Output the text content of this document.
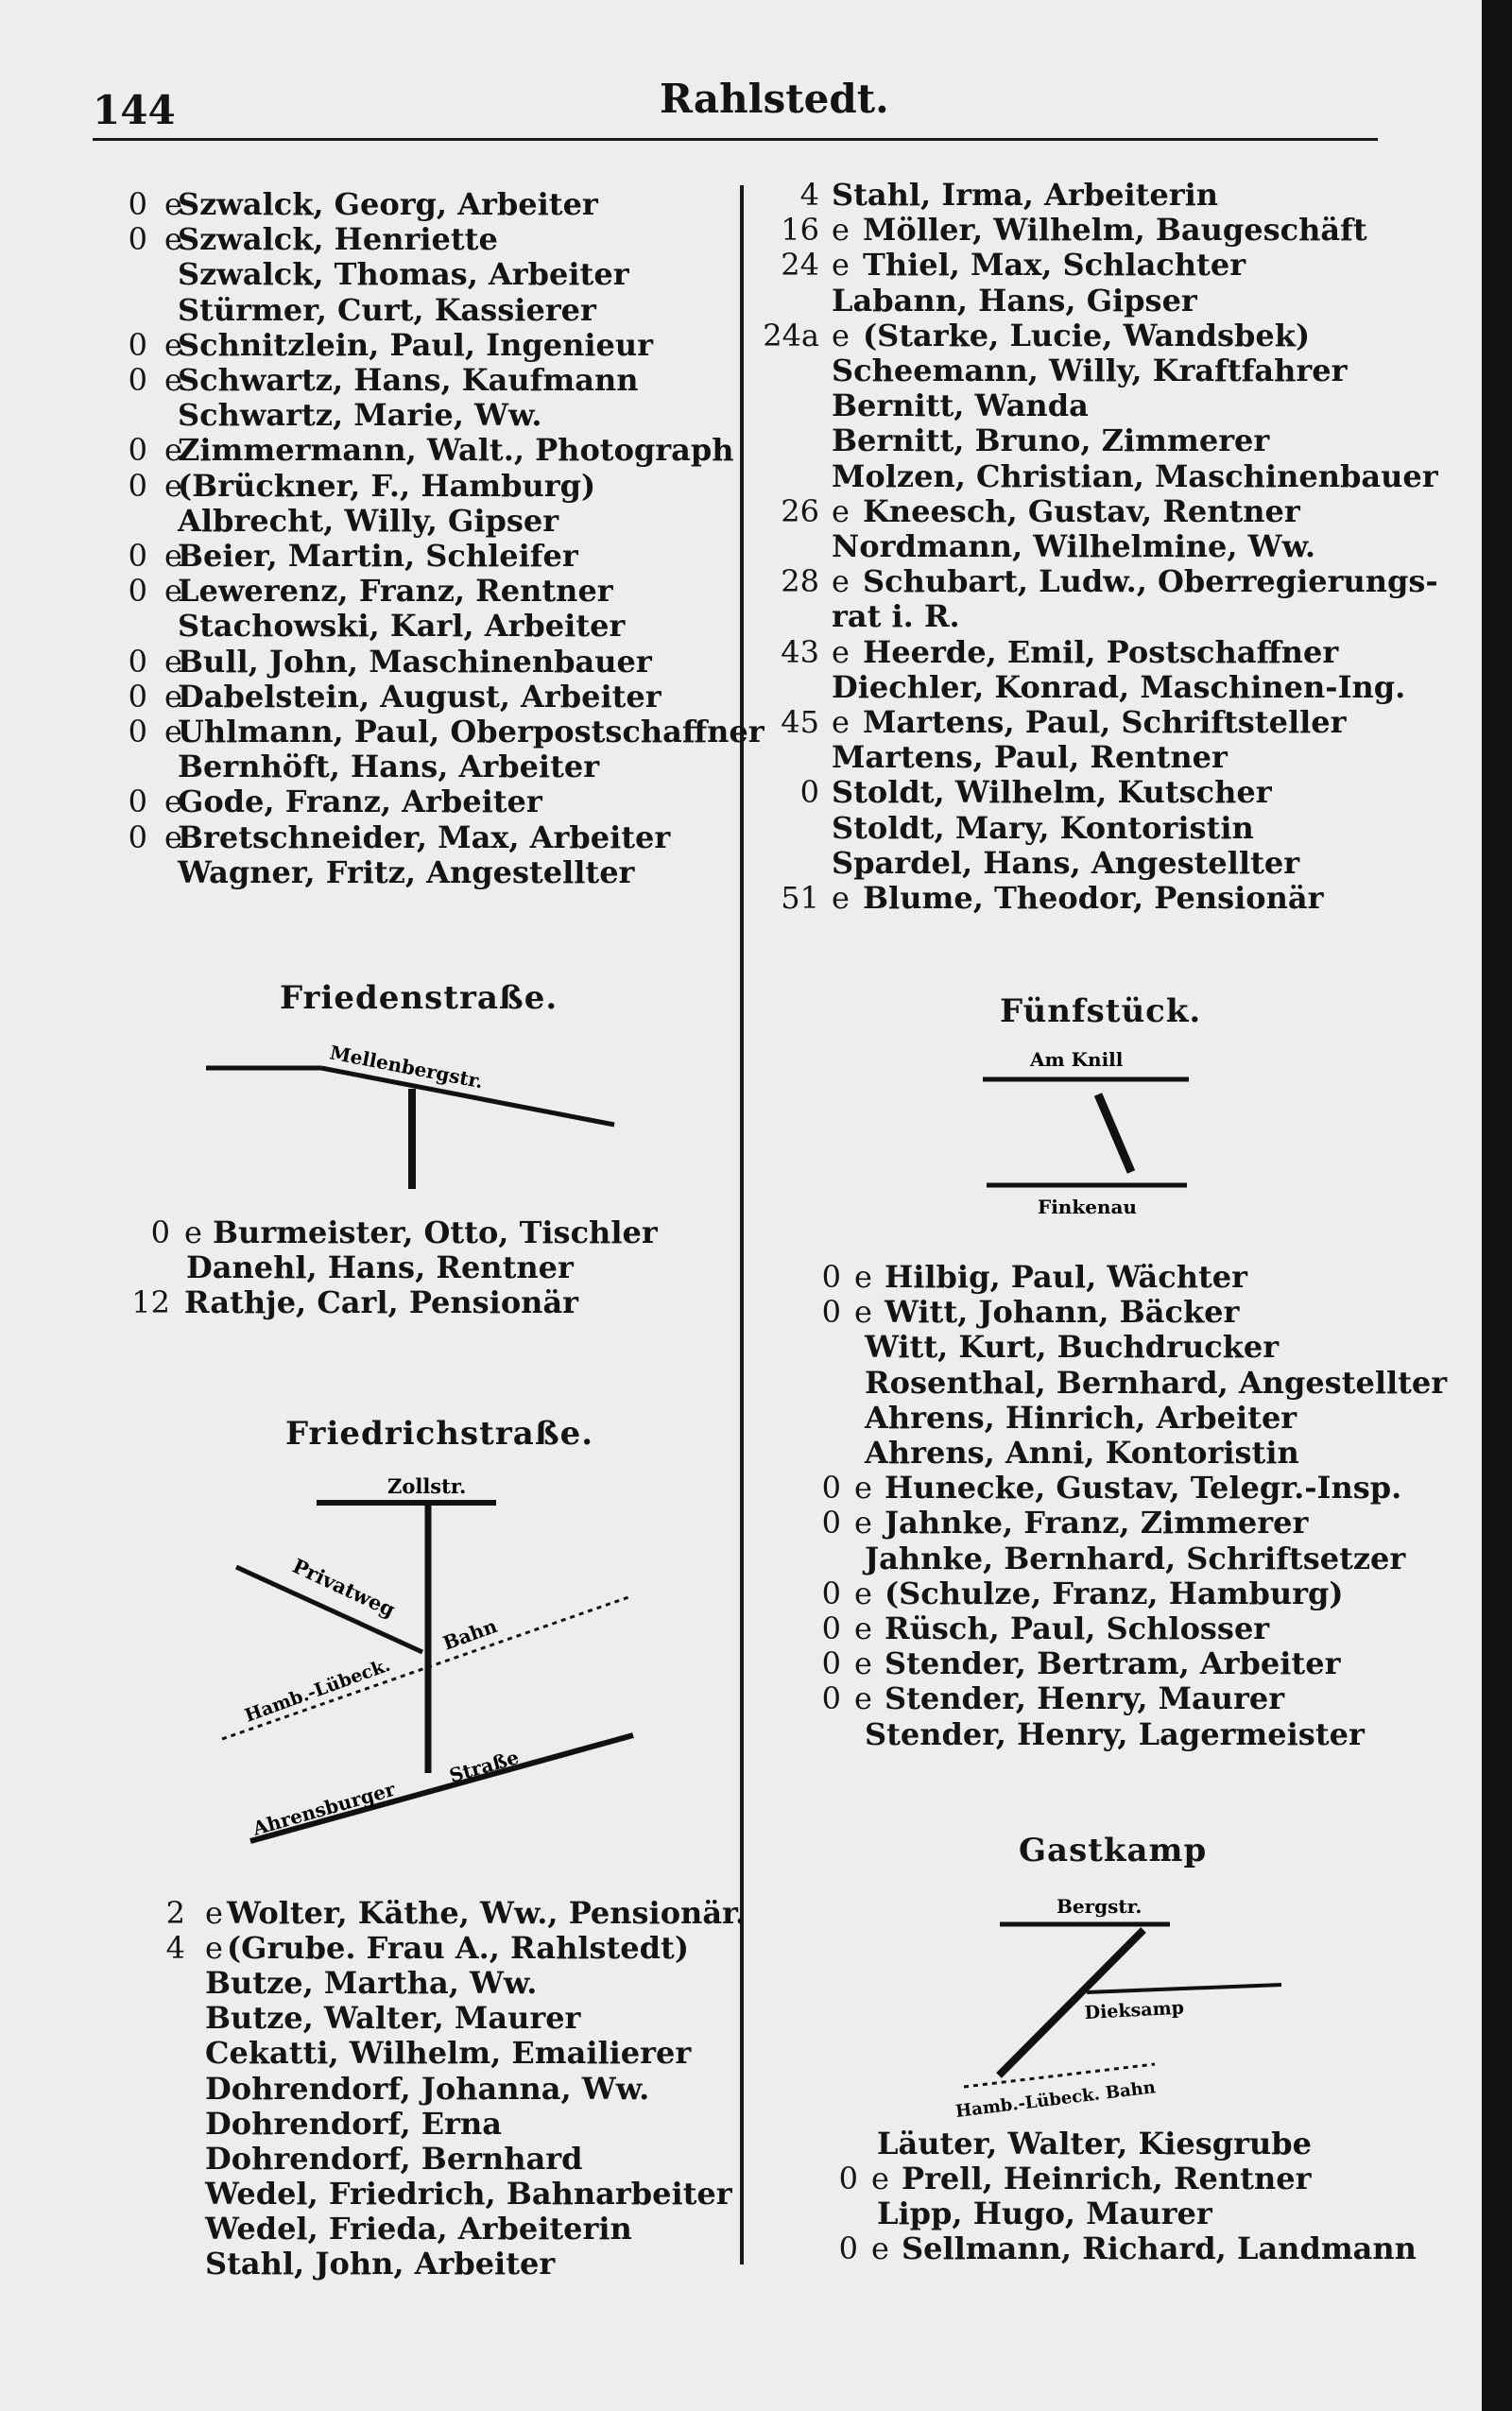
144	Rahlstedt.
0 e
Szwalck, Georg, Arbeiter
0 e
Szwalck, Henriette
Szwalck, Thomas, Arbeiter
Stürmer, Curt, Kassierer
0 e
Schnitzlein, Paul, Ingenieur
0 e
Schwartz, Hans, Kaufmann
Schwartz, Marie, Ww.
0 e
Zimmermann, Walt., Photograph
0 e
(Brückner, F., Hamburg)
Albrecht, Willy, Gipser
0 e
Beier, Martin, Schleifer
0 e
Lewerenz, Franz, Rentner
Stachowski, Karl, Arbeiter
0 e
Bull, John, Maschinenbauer
0 e
Dabelstein, August, Arbeiter
0 e
Uhlmann, Paul, Oberpostschaffner
Bernhöft, Hans, Arbeiter
0 e
Gode, Franz, Arbeiter
0 e
Bretschneider, Max, Arbeiter
Wagner, Fritz, Angestellter
Friedenstraße.
Mellenbergstr.
0 e Burmeister, Otto, Tischler
Danehl, Hans, Rentner
12 Rathje, Carl, Pensionär
Friedrichstraße.
Zollstr.
Privatweg
Hamb.-Lübeck.
Bahn
Ahrensburger
Straße
2 e Wolter, Käthe, Ww., Pensionär.
4 e (Grube. Frau A., Rahlstedt)
Butze, Martha, Ww.
Butze, Walter, Maurer
Cekatti, Wilhelm, Emailierer
Dohrendorf, Johanna, Ww.
Dohrendorf, Erna
Dohrendorf, Bernhard
Wedel, Friedrich, Bahnarbeiter
Wedel, Frieda, Arbeiterin
Stahl, John, Arbeiter
4 Stahl, Irma, Arbeiterin
16 e Möller, Wilhelm, Baugeschäft
24 e Thiel, Max, Schlachter
Labann, Hans, Gipser
24a e (Starke, Lucie, Wandsbek)
Scheemann, Willy, Kraftfahrer
Bernitt, Wanda
Bernitt, Bruno, Zimmerer
Molzen, Christian, Maschinenbauer
26 e Kneesch, Gustav, Rentner
Nordmann, Wilhelmine, Ww.
28 e Schubart, Ludw., Oberregierungs-
rat i. R.
43 e Heerde, Emil, Postschaffner
Diechler, Konrad, Maschinen-Ing.
45 e Martens, Paul, Schriftsteller
Martens, Paul, Rentner
0 Stoldt, Wilhelm, Kutscher
Stoldt, Mary, Kontoristin
Spardel, Hans, Angestellter
51 e Blume, Theodor, Pensionär
Fünfstück.
Am Knill
Finkenau
0 e Hilbig, Paul, Wächter
0 e Witt, Johann, Bäcker
Witt, Kurt, Buchdrucker
Rosenthal, Bernhard, Angestellter
Ahrens, Hinrich, Arbeiter
Ahrens, Anni, Kontoristin
0 e Hunecke, Gustav, Telegr.-Insp.
0 e Jahnke, Franz, Zimmerer
Jahnke, Bernhard, Schriftsetzer
0 e (Schulze, Franz, Hamburg)
0 e Rüsch, Paul, Schlosser
0 e Stender, Bertram, Arbeiter
0 e Stender, Henry, Maurer
Stender, Henry, Lagermeister
Gastkamp
Bergstr.
Dieksamp
Hamb.-Lübeck. Bahn
Läuter, Walter, Kiesgrube
0 e Prell, Heinrich, Rentner
Lipp, Hugo, Maurer
0 e Sellmann, Richard, Landmann
